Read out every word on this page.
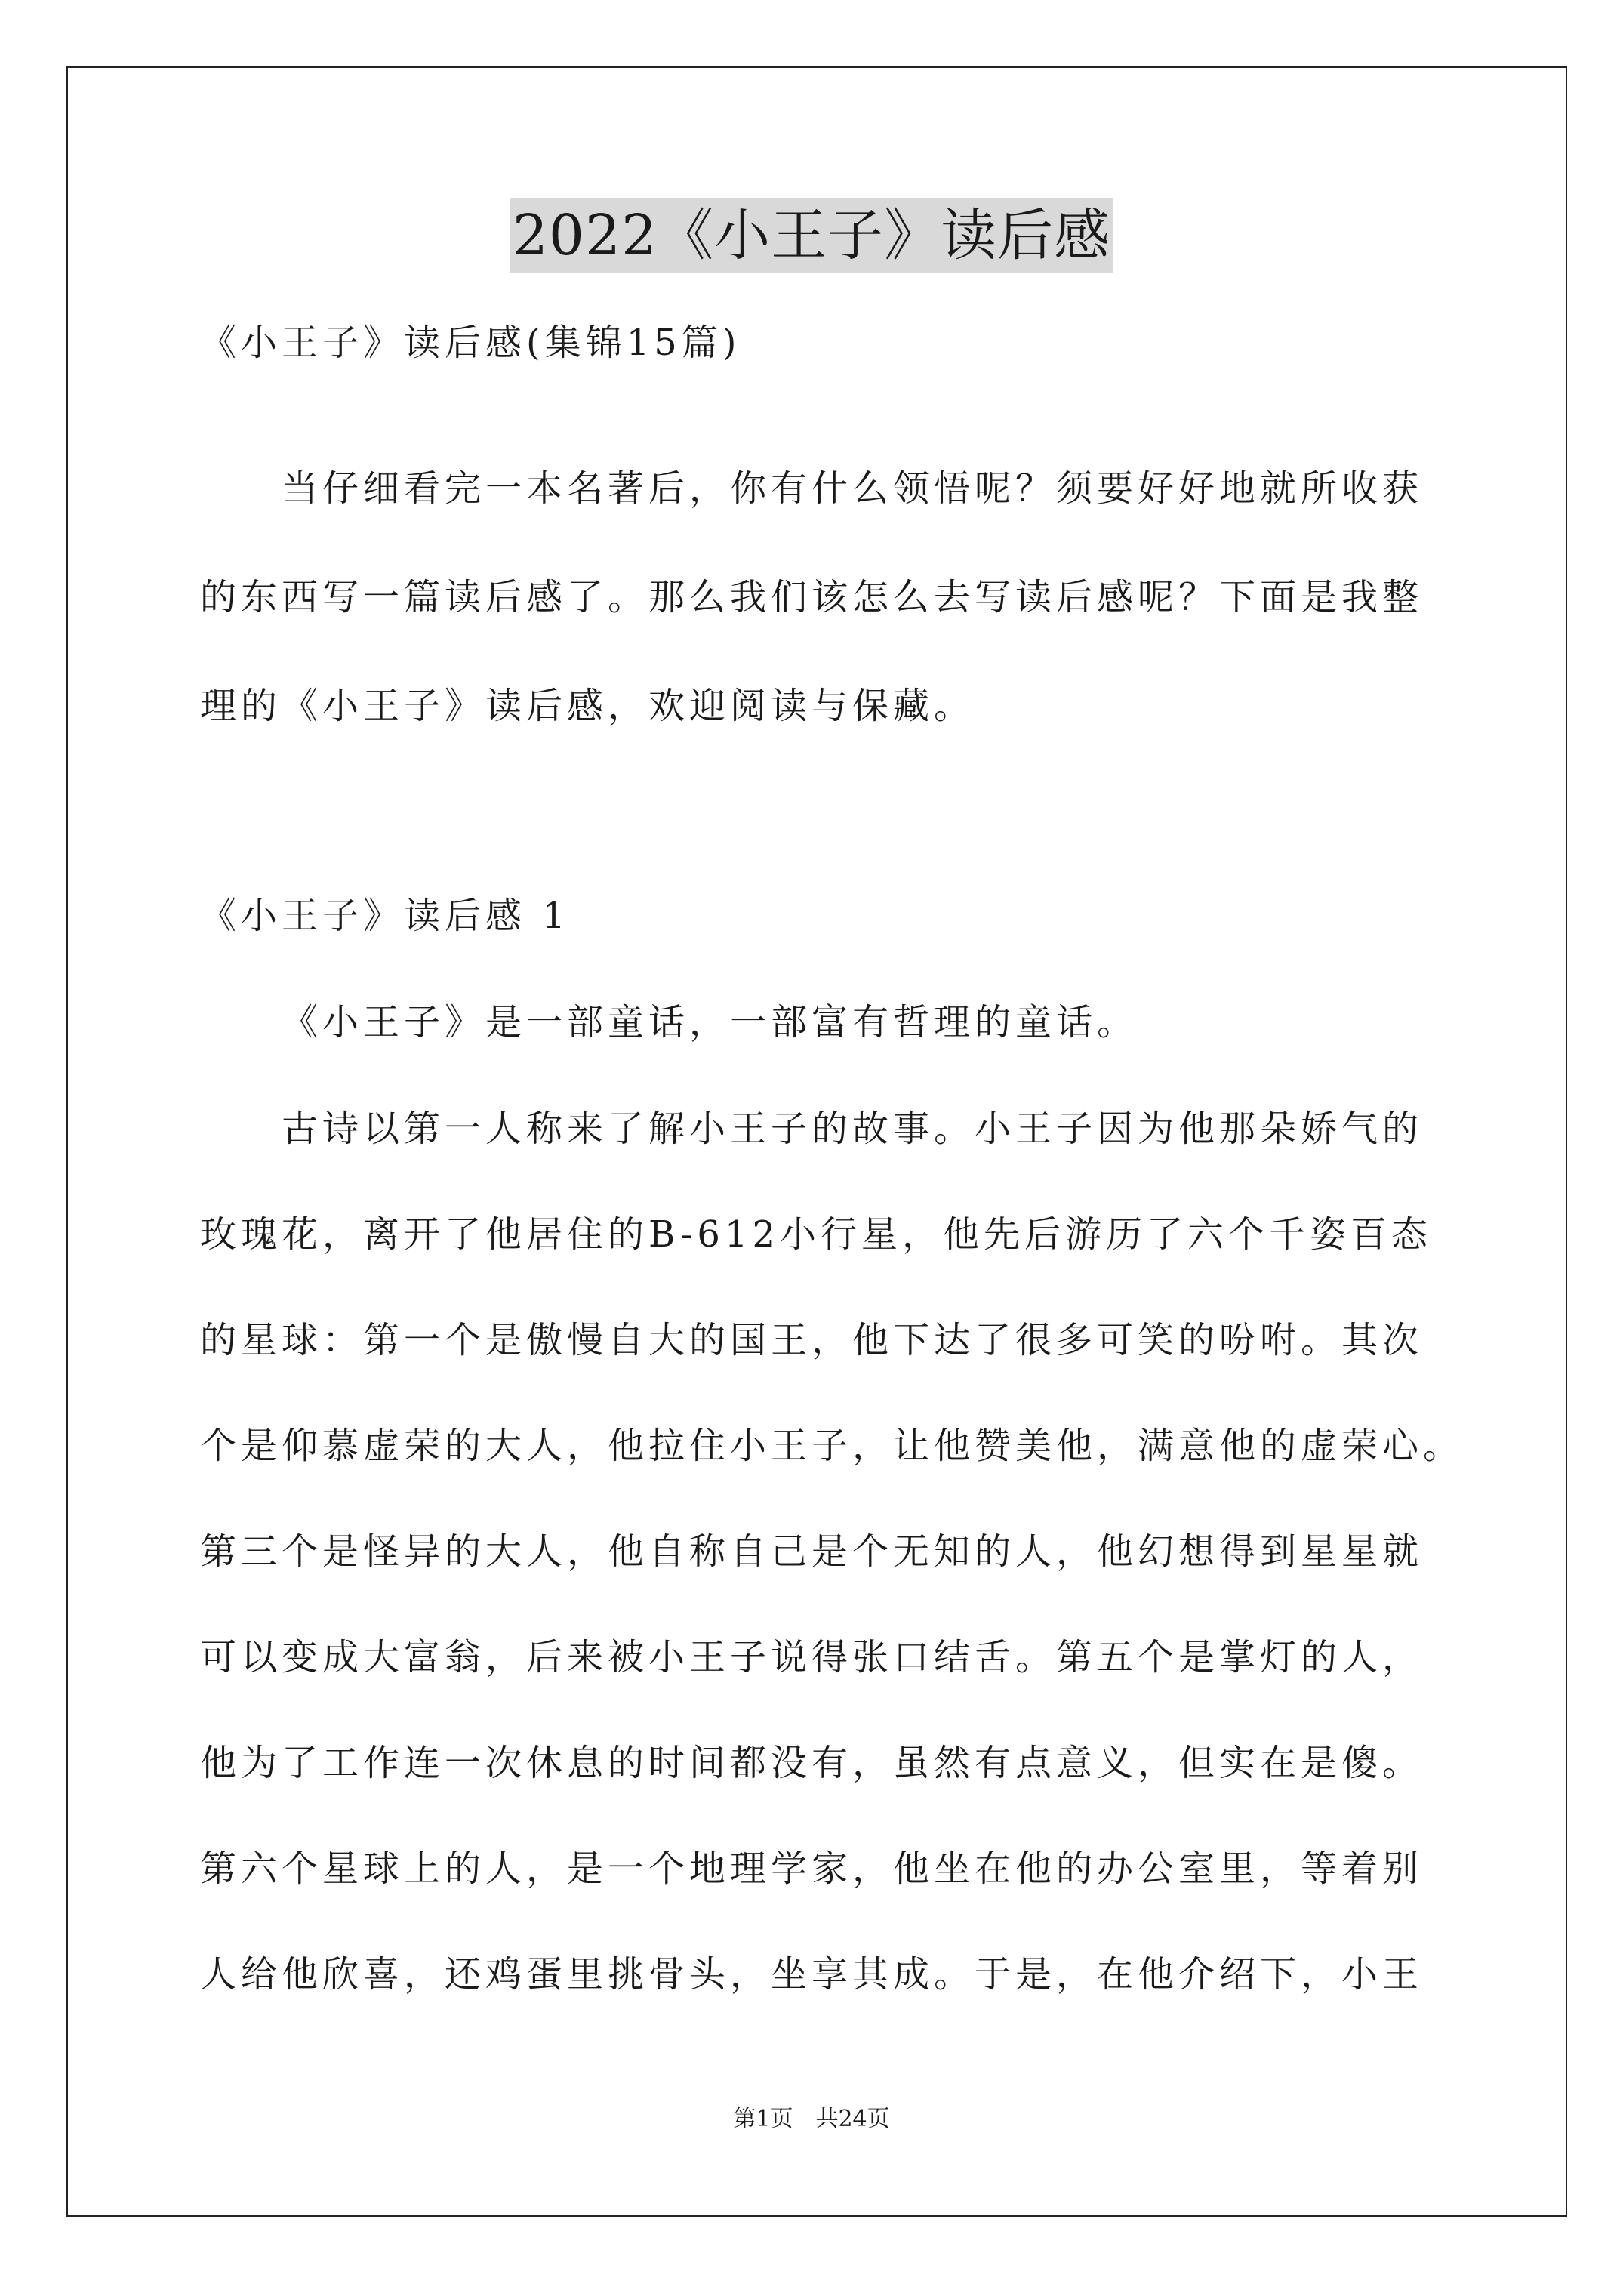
2022《小王子》读后感
《小王子》读后感(集锦15篇)
当仔细看完一本名著后，你有什么领悟呢？须要好好地就所收获
的东西写一篇读后感了。那么我们该怎么去写读后感呢？下面是我整
理的《小王子》读后感，欢迎阅读与保藏。
《小王子》读后感 1
《小王子》是一部童话，一部富有哲理的童话。
古诗以第一人称来了解小王子的故事。小王子因为他那朵娇气的
玫瑰花，离开了他居住的B-612小行星，他先后游历了六个千姿百态
的星球：第一个是傲慢自大的国王，他下达了很多可笑的吩咐。其次
个是仰慕虚荣的大人，他拉住小王子，让他赞美他，满意他的虚荣心。
第三个是怪异的大人，他自称自己是个无知的人，他幻想得到星星就
可以变成大富翁，后来被小王子说得张口结舌。第五个是掌灯的人，
他为了工作连一次休息的时间都没有，虽然有点意义，但实在是傻。
第六个星球上的人，是一个地理学家，他坐在他的办公室里，等着别
人给他欣喜，还鸡蛋里挑骨头，坐享其成。于是，在他介绍下，小王
第1页　共24页
